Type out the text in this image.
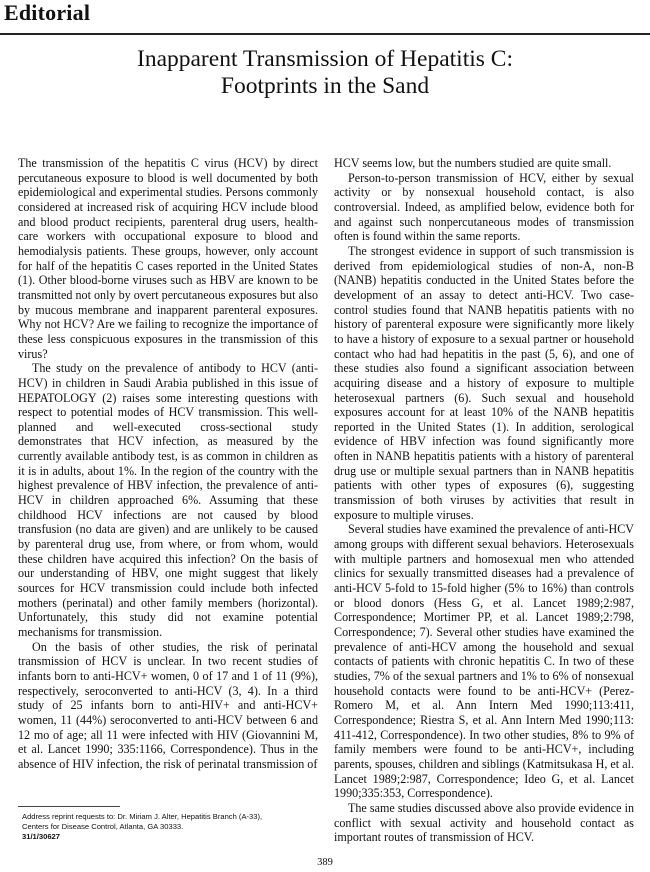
Editorial
Inapparent Transmission of Hepatitis C:
Footprints in the Sand

The transmission of the hepatitis C virus (HCV) by direct percutaneous exposure to blood is well documented by both epidemiological and experimental studies. Persons commonly considered at increased risk of acquiring HCV include blood and blood product recipients, parenteral drug users, health-care workers with occupational exposure to blood and hemodialysis patients. These groups, however, only account for half of the hepatitis C cases reported in the United States (1). Other blood-borne viruses such as HBV are known to be transmitted not only by overt percutaneous exposures but also by mucous membrane and inapparent parenteral exposures. Why not HCV? Are we failing to recognize the importance of these less conspicuous exposures in the transmission of this virus?

The study on the prevalence of antibody to HCV (anti-HCV) in children in Saudi Arabia published in this issue of HEPATOLOGY (2) raises some interesting questions with respect to potential modes of HCV transmission. This well-planned and well-executed cross-sectional study demonstrates that HCV infection, as measured by the currently available antibody test, is as common in children as it is in adults, about 1%. In the region of the country with the highest prevalence of HBV infection, the prevalence of anti-HCV in children approached 6%. Assuming that these childhood HCV infections are not caused by blood transfusion (no data are given) and are unlikely to be caused by parenteral drug use, from where, or from whom, would these children have acquired this infection? On the basis of our understanding of HBV, one might suggest that likely sources for HCV transmission could include both infected mothers (perinatal) and other family members (horizontal). Unfortunately, this study did not examine potential mechanisms for transmission.

On the basis of other studies, the risk of perinatal transmission of HCV is unclear. In two recent studies of infants born to anti-HCV+ women, 0 of 17 and 1 of 11 (9%), respectively, seroconverted to anti-HCV (3, 4). In a third study of 25 infants born to anti-HIV+ and anti-HCV+ women, 11 (44%) seroconverted to anti-HCV between 6 and 12 mo of age; all 11 were infected with HIV (Giovannini M, et al. Lancet 1990; 335:1166, Correspondence). Thus in the absence of HIV infection, the risk of perinatal transmission of

HCV seems low, but the numbers studied are quite small.

Person-to-person transmission of HCV, either by sexual activity or by nonsexual household contact, is also controversial. Indeed, as amplified below, evidence both for and against such nonpercutaneous modes of transmission often is found within the same reports.

The strongest evidence in support of such transmission is derived from epidemiological studies of non-A, non-B (NANB) hepatitis conducted in the United States before the development of an assay to detect anti-HCV. Two case-control studies found that NANB hepatitis patients with no history of parenteral exposure were significantly more likely to have a history of exposure to a sexual partner or household contact who had had hepatitis in the past (5, 6), and one of these studies also found a significant association between acquiring disease and a history of exposure to multiple heterosexual partners (6). Such sexual and household exposures account for at least 10% of the NANB hepatitis reported in the United States (1). In addition, serological evidence of HBV infection was found significantly more often in NANB hepatitis patients with a history of parenteral drug use or multiple sexual partners than in NANB hepatitis patients with other types of exposures (6), suggesting transmission of both viruses by activities that result in exposure to multiple viruses.

Several studies have examined the prevalence of anti-HCV among groups with different sexual behaviors. Heterosexuals with multiple partners and homosexual men who attended clinics for sexually transmitted diseases had a prevalence of anti-HCV 5-fold to 15-fold higher (5% to 16%) than controls or blood donors (Hess G, et al. Lancet 1989;2:987, Correspondence; Mortimer PP, et al. Lancet 1989;2:798, Correspondence; 7). Several other studies have examined the prevalence of anti-HCV among the household and sexual contacts of patients with chronic hepatitis C. In two of these studies, 7% of the sexual partners and 1% to 6% of nonsexual household contacts were found to be anti-HCV+ (Perez-Romero M, et al. Ann Intern Med 1990;113:411, Correspondence; Riestra S, et al. Ann Intern Med 1990;113: 411-412, Correspondence). In two other studies, 8% to 9% of family members were found to be anti-HCV+, including parents, spouses, children and siblings (Katmitsukasa H, et al. Lancet 1989;2:987, Correspondence; Ideo G, et al. Lancet 1990;335:353, Correspondence).

The same studies discussed above also provide evidence in conflict with sexual activity and household contact as important routes of transmission of HCV.

Address reprint requests to: Dr. Miriam J. Alter, Hepatitis Branch (A-33),
Centers for Disease Control, Atlanta, GA 30333.
31/1/30627
389
